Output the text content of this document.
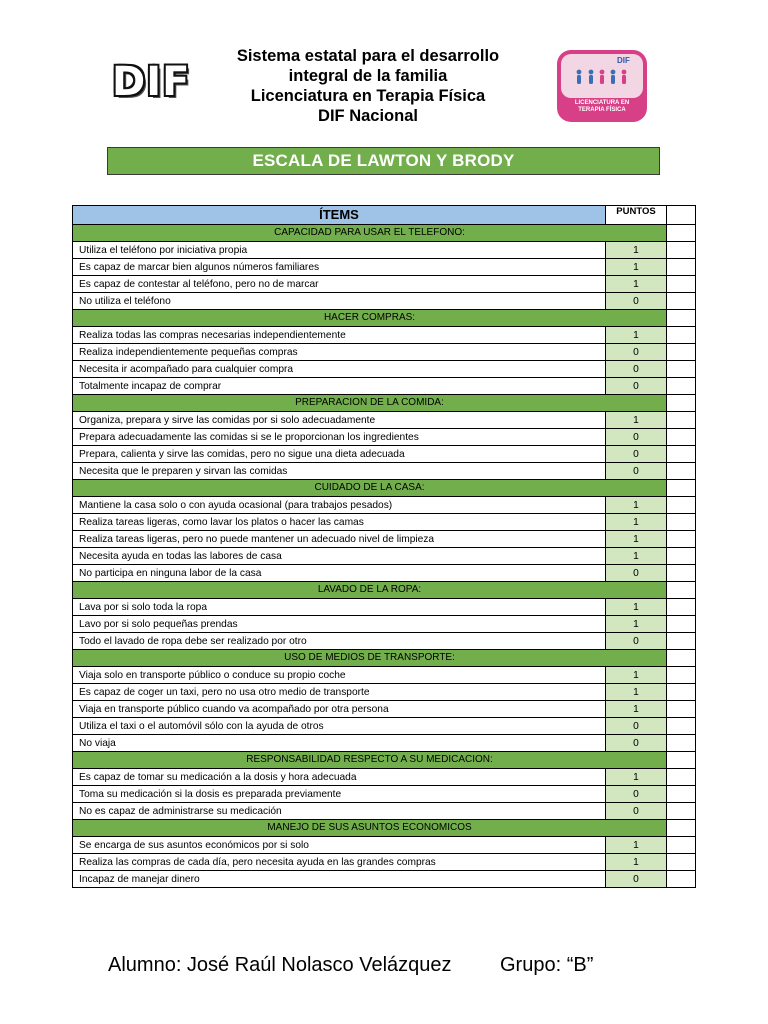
DIF
Sistema estatal para el desarrollo
integral de la familia
Licenciatura en Terapia Física
DIF Nacional
DIF
LICENCIATURA EN
TERAPIA FÍSICA
ESCALA DE LAWTON Y BRODY
ÍTEMS	PUNTOS	
CAPACIDAD PARA USAR EL TELEFONO:		
Utiliza el teléfono por iniciativa propia	1	
Es capaz de marcar bien algunos números familiares	1	
Es capaz de contestar al teléfono, pero no de marcar	1	
No utiliza el teléfono	0	
HACER COMPRAS:		
Realiza todas las compras necesarias independientemente	1	
Realiza independientemente pequeñas compras	0	
Necesita ir acompañado para cualquier compra	0	
Totalmente incapaz de comprar	0	
PREPARACION DE LA COMIDA:		
Organiza, prepara y sirve las comidas por si solo adecuadamente	1	
Prepara adecuadamente las comidas si se le proporcionan los ingredientes	0	
Prepara, calienta y sirve las comidas, pero no sigue una dieta adecuada	0	
Necesita que le preparen y sirvan las comidas	0	
CUIDADO DE LA CASA:		
Mantiene la casa solo o con ayuda ocasional (para trabajos pesados)	1	
Realiza tareas ligeras, como lavar los platos o hacer las camas	1	
Realiza tareas ligeras, pero no puede mantener un adecuado nivel de limpieza	1	
Necesita ayuda en todas las labores de casa	1	
No participa en ninguna labor de la casa	0	
LAVADO DE LA ROPA:		
Lava por si solo toda la ropa	1	
Lavo por si solo pequeñas prendas	1	
Todo el lavado de ropa debe ser realizado por otro	0	
USO DE MEDIOS DE TRANSPORTE:		
Viaja solo en transporte público o conduce su propio coche	1	
Es capaz de coger un taxi, pero no usa otro medio de transporte	1	
Viaja en transporte público cuando va acompañado por otra persona	1	
Utiliza el taxi o el automóvil sólo con la ayuda de otros	0	
No viaja	0	
RESPONSABILIDAD RESPECTO A SU MEDICACION:		
Es capaz de tomar su medicación a la dosis y hora adecuada	1	
Toma su medicación si la dosis es preparada previamente	0	
No es capaz de administrarse su medicación	0	
MANEJO DE SUS ASUNTOS ECONOMICOS		
Se encarga de sus asuntos económicos por si solo	1	
Realiza las compras de cada día, pero necesita ayuda en las grandes compras	1	
Incapaz de manejar dinero	0	
Alumno: José Raúl Nolasco Velázquez Grupo: “B”
